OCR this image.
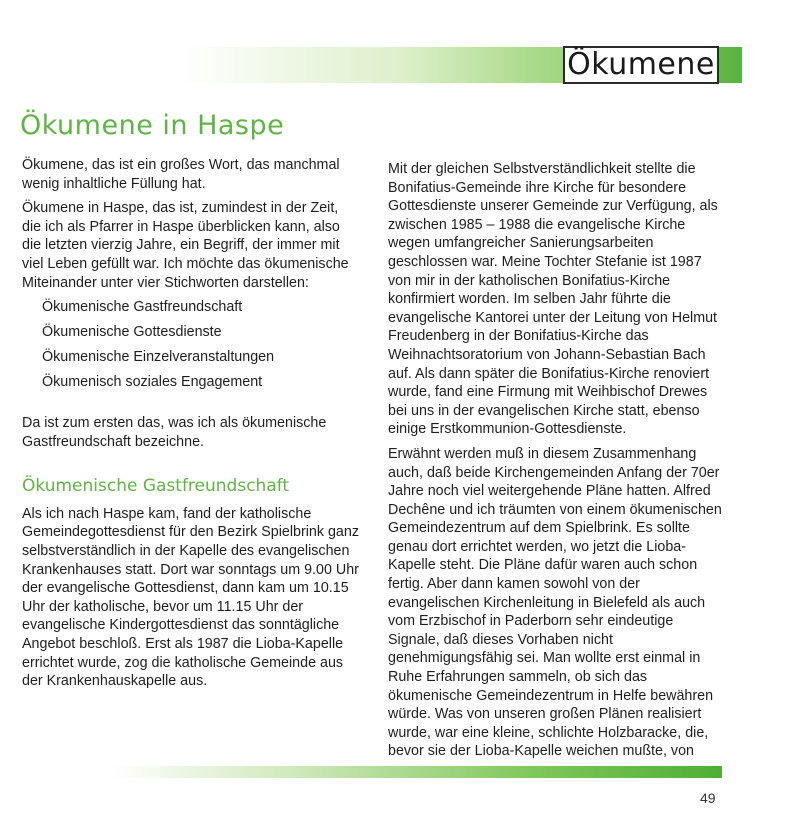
Ökumene
Ökumene in Haspe

Ökumene, das ist ein großes Wort, das manchmal wenig inhaltliche Füllung hat.

Ökumene in Haspe, das ist, zumindest in der Zeit, die ich als Pfarrer in Haspe überblicken kann, also die letzten vierzig Jahre, ein Begriff, der immer mit viel Leben gefüllt war. Ich möchte das ökumenische Miteinander unter vier Stichworten darstellen:

Ökumenische Gastfreundschaft
Ökumenische Gottesdienste
Ökumenische Einzelveranstaltungen
Ökumenisch soziales Engagement

Da ist zum ersten das, was ich als ökumenische Gastfreundschaft bezeichne.

Ökumenische Gastfreundschaft

Als ich nach Haspe kam, fand der katholische Gemeindegottesdienst für den Bezirk Spielbrink ganz selbstverständlich in der Kapelle des evangelischen Krankenhauses statt. Dort war sonntags um 9.00 Uhr der evangelische Gottesdienst, dann kam um 10.15 Uhr der katholische, bevor um 11.15 Uhr der evangelische Kindergottesdienst das sonntägliche Angebot beschloß. Erst als 1987 die Lioba-Kapelle errichtet wurde, zog die katholische Gemeinde aus der Krankenhauskapelle aus.

Mit der gleichen Selbstverständlichkeit stellte die Bonifatius-Gemeinde ihre Kirche für besondere Gottesdienste unserer Gemeinde zur Verfügung, als zwischen 1985 – 1988 die evangelische Kirche wegen umfangreicher Sanierungsarbeiten geschlossen war. Meine Tochter Stefanie ist 1987 von mir in der katholischen Bonifatius-Kirche konfirmiert worden. Im selben Jahr führte die evangelische Kantorei unter der Leitung von Helmut Freudenberg in der Bonifatius-Kirche das Weihnachtsoratorium von Johann-Sebastian Bach auf. Als dann später die Bonifatius-Kirche renoviert wurde, fand eine Firmung mit Weihbischof Drewes bei uns in der evangelischen Kirche statt, ebenso einige Erstkommunion-Gottesdienste.

Erwähnt werden muß in diesem Zusammenhang auch, daß beide Kirchengemeinden Anfang der 70er Jahre noch viel weitergehende Pläne hatten. Alfred Dechêne und ich träumten von einem ökumenischen Gemeindezentrum auf dem Spielbrink. Es sollte genau dort errichtet werden, wo jetzt die Lioba-Kapelle steht. Die Pläne dafür waren auch schon fertig. Aber dann kamen sowohl von der evangelischen Kirchenleitung in Bielefeld als auch vom Erzbischof in Paderborn sehr eindeutige Signale, daß dieses Vorhaben nicht genehmigungsfähig sei. Man wollte erst einmal in Ruhe Erfahrungen sammeln, ob sich das ökumenische Gemeindezentrum in Helfe bewähren würde. Was von unseren großen Plänen realisiert wurde, war eine kleine, schlichte Holzbaracke, die, bevor sie der Lioba-Kapelle weichen mußte, von

49
